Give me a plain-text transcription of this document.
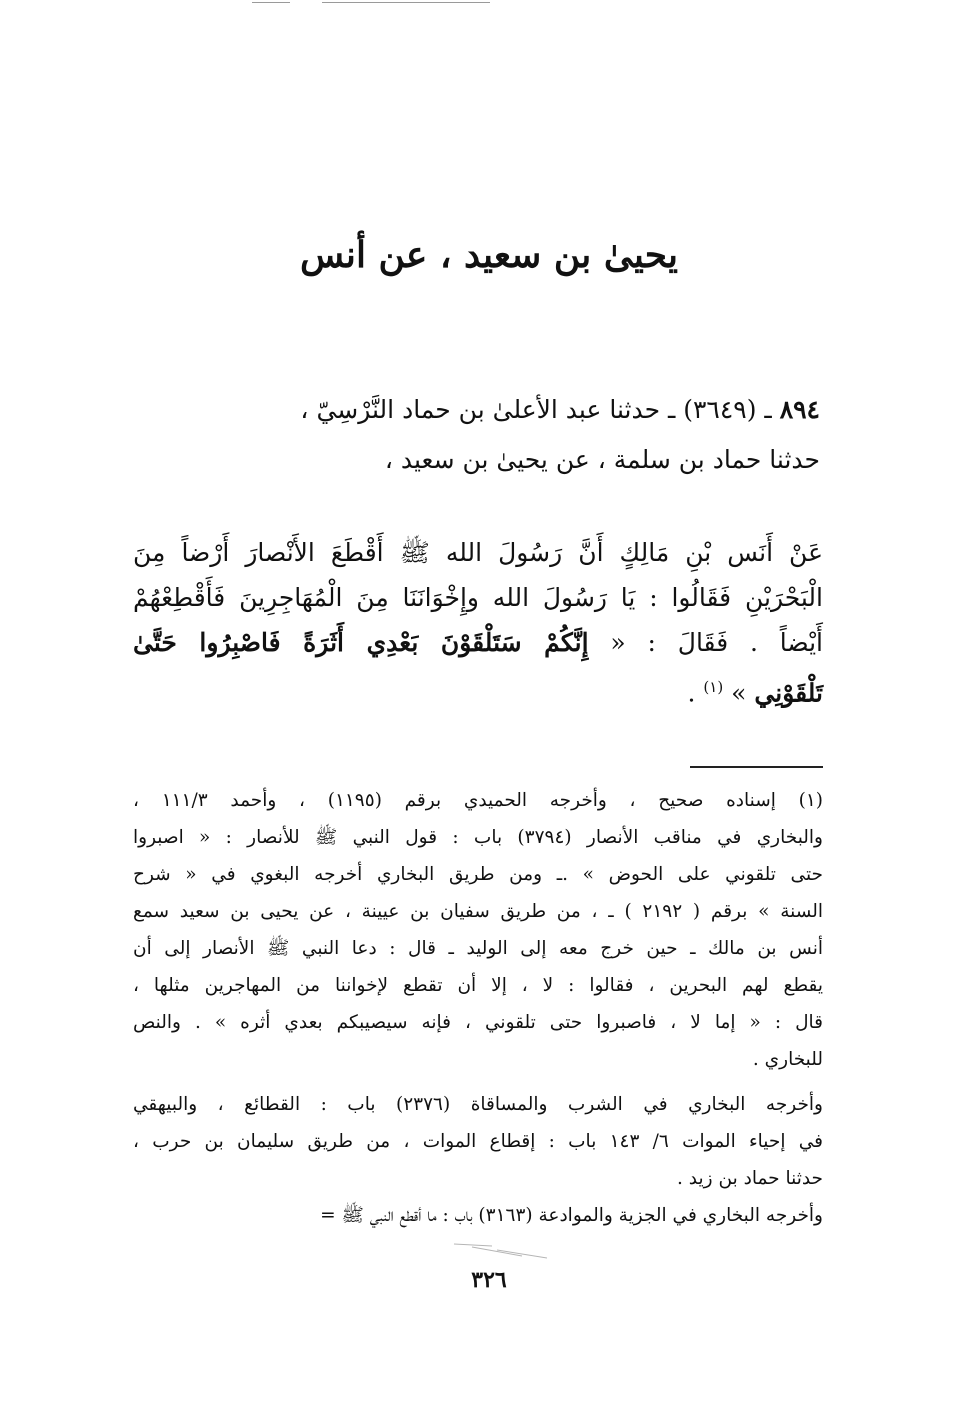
يحيىٰ بن سعيد ، عن أنس
٨٩٤ ـ (٣٦٤٩) ـ حدثنا عبد الأعلىٰ بن حماد النَّرْسِيّ ،
حدثنا حماد بن سلمة ، عن يحيىٰ بن سعيد ،
عَنْ أَنَس بْنِ مَالِكٍ أَنَّ رَسُولَ الله ﷺ أَقْطَعَ الأَنْصارَ أَرْضاً مِنَ
الْبَحْرَيْنِ فَقَالُوا : يَا رَسُولَ الله وإِخْوَانَنَا مِنَ الْمُهَاجِرِينَ فَأَقْطِعْهُمْ
أَيْضاً . فَقَالَ : « إِنَّكُمْ سَتَلْقَوْنَ بَعْدِي أَثَرَةً فَاصْبِرُوا حَتَّىٰ
تَلْقَوْنِي » $^{(١)}$ .
(١) إسناده صحيح ، وأخرجه الحميدي برقم (١١٩٥) ، وأحمد ١١١/٣ ،
والبخاري في مناقب الأنصار (٣٧٩٤) باب : قول النبي ﷺ للأنصار : « اصبروا
حتى تلقوني على الحوض » .ـ ومن طريق البخاري أخرجه البغوي في « شرح
السنة » برقم ( ٢١٩٢ ) ـ ، من طريق سفيان بن عيينة ، عن يحيى بن سعيد سمع
أنس بن مالك ـ حين خرج معه إلى الوليد ـ قال : دعا النبي ﷺ الأنصار إلى أن
يقطع لهم البحرين ، فقالوا : لا ، إلا أن تقطع لإخواننا من المهاجرين مثلها ،
قال : « إما لا ، فاصبروا حتى تلقوني ، فإنه سيصيبكم بعدي أثره » . والنص
للبخاري .
وأخرجه البخاري في الشرب والمساقاة (٢٣٧٦) باب : القطائع ، والبيهقي
في إحياء الموات ٦/ ١٤٣ باب : إقطاع الموات ، من طريق سليمان بن حرب ،
حدثنا حماد بن زيد .
وأخرجه البخاري في الجزية والموادعة (٣١٦٣) باب : ما أقطع النبي ﷺ =
٣٢٦
